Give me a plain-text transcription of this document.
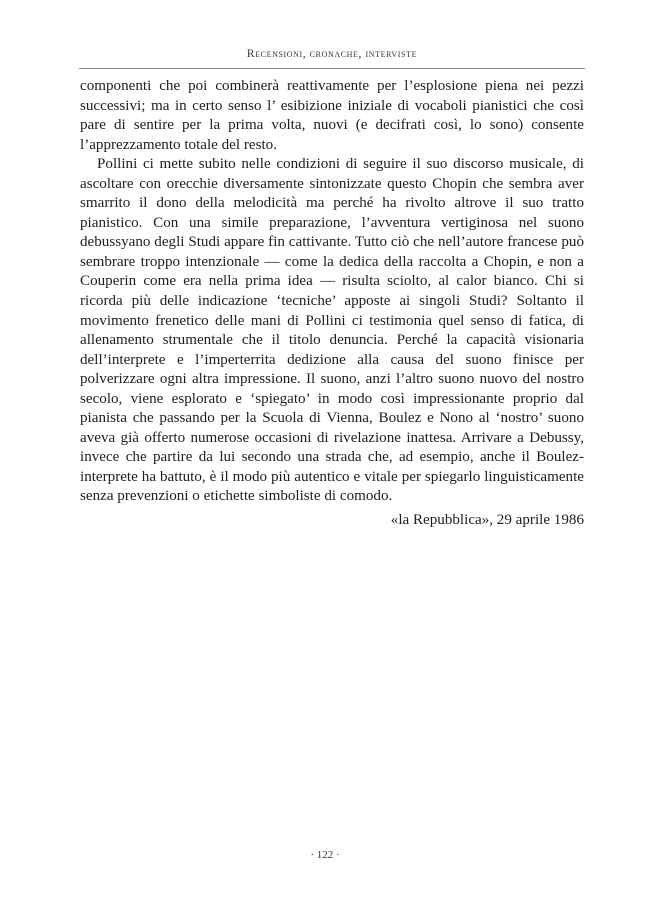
Recensioni, cronache, interviste

componenti che poi combinerà reattivamente per l’esplosione piena nei pezzi successivi; ma in certo senso l’ esibizione iniziale di vocaboli pianistici che così pare di sentire per la prima volta, nuovi (e decifrati così, lo sono) consente l’apprezzamento totale del resto.

Pollini ci mette subito nelle condizioni di seguire il suo discorso musicale, di ascoltare con orecchie diversamente sintonizzate questo Chopin che sembra aver smarrito il dono della melodicità ma perché ha rivolto altrove il suo tratto pianistico. Con una simile preparazione, l’avventura vertiginosa nel suono debussyano degli Studi appare fin cattivante. Tutto ciò che nell’autore francese può sembrare troppo intenzionale — come la dedica della raccolta a Chopin, e non a Couperin come era nella prima idea — risulta sciolto, al calor bianco. Chi si ricorda più delle indicazione ‘tecniche’ apposte ai singoli Studi? Soltanto il movimento frenetico delle mani di Pollini ci testimonia quel senso di fatica, di allenamento strumentale che il titolo denuncia. Perché la capacità visionaria dell’interprete e l’imperterrita dedizione alla causa del suono finisce per polverizzare ogni altra impressione. Il suono, anzi l’altro suono nuovo del nostro secolo, viene esplorato e ‘spiegato’ in modo così impressionante proprio dal pianista che passando per la Scuola di Vienna, Boulez e Nono al ‘nostro’ suono aveva già offerto numerose occasioni di rivelazione inattesa. Arrivare a Debussy, invece che partire da lui secondo una strada che, ad esempio, anche il Boulez-interprete ha battuto, è il modo più autentico e vitale per spiegarlo linguisticamente senza prevenzioni o etichette simboliste di comodo.

«la Repubblica», 29 aprile 1986
· 122 ·
